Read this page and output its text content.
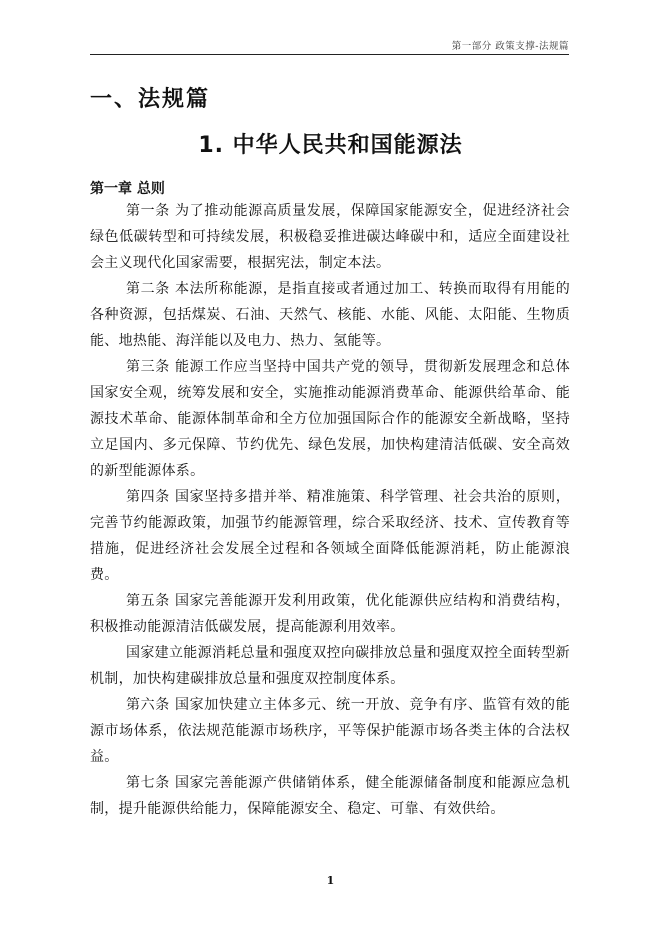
第一部分 政策支撑-法规篇
一、法规篇
1. 中华人民共和国能源法
第一章 总则

第一条 为了推动能源高质量发展，保障国家能源安全，促进经济社会绿色低碳转型和可持续发展，积极稳妥推进碳达峰碳中和，适应全面建设社会主义现代化国家需要，根据宪法，制定本法。

第二条 本法所称能源，是指直接或者通过加工、转换而取得有用能的各种资源，包括煤炭、石油、天然气、核能、水能、风能、太阳能、生物质能、地热能、海洋能以及电力、热力、氢能等。

第三条 能源工作应当坚持中国共产党的领导，贯彻新发展理念和总体国家安全观，统筹发展和安全，实施推动能源消费革命、能源供给革命、能源技术革命、能源体制革命和全方位加强国际合作的能源安全新战略，坚持立足国内、多元保障、节约优先、绿色发展，加快构建清洁低碳、安全高效的新型能源体系。

第四条 国家坚持多措并举、精准施策、科学管理、社会共治的原则，完善节约能源政策，加强节约能源管理，综合采取经济、技术、宣传教育等措施，促进经济社会发展全过程和各领域全面降低能源消耗，防止能源浪费。

第五条 国家完善能源开发利用政策，优化能源供应结构和消费结构，积极推动能源清洁低碳发展，提高能源利用效率。

国家建立能源消耗总量和强度双控向碳排放总量和强度双控全面转型新机制，加快构建碳排放总量和强度双控制度体系。

第六条 国家加快建立主体多元、统一开放、竞争有序、监管有效的能源市场体系，依法规范能源市场秩序，平等保护能源市场各类主体的合法权益。

第七条 国家完善能源产供储销体系，健全能源储备制度和能源应急机制，提升能源供给能力，保障能源安全、稳定、可靠、有效供给。

1
